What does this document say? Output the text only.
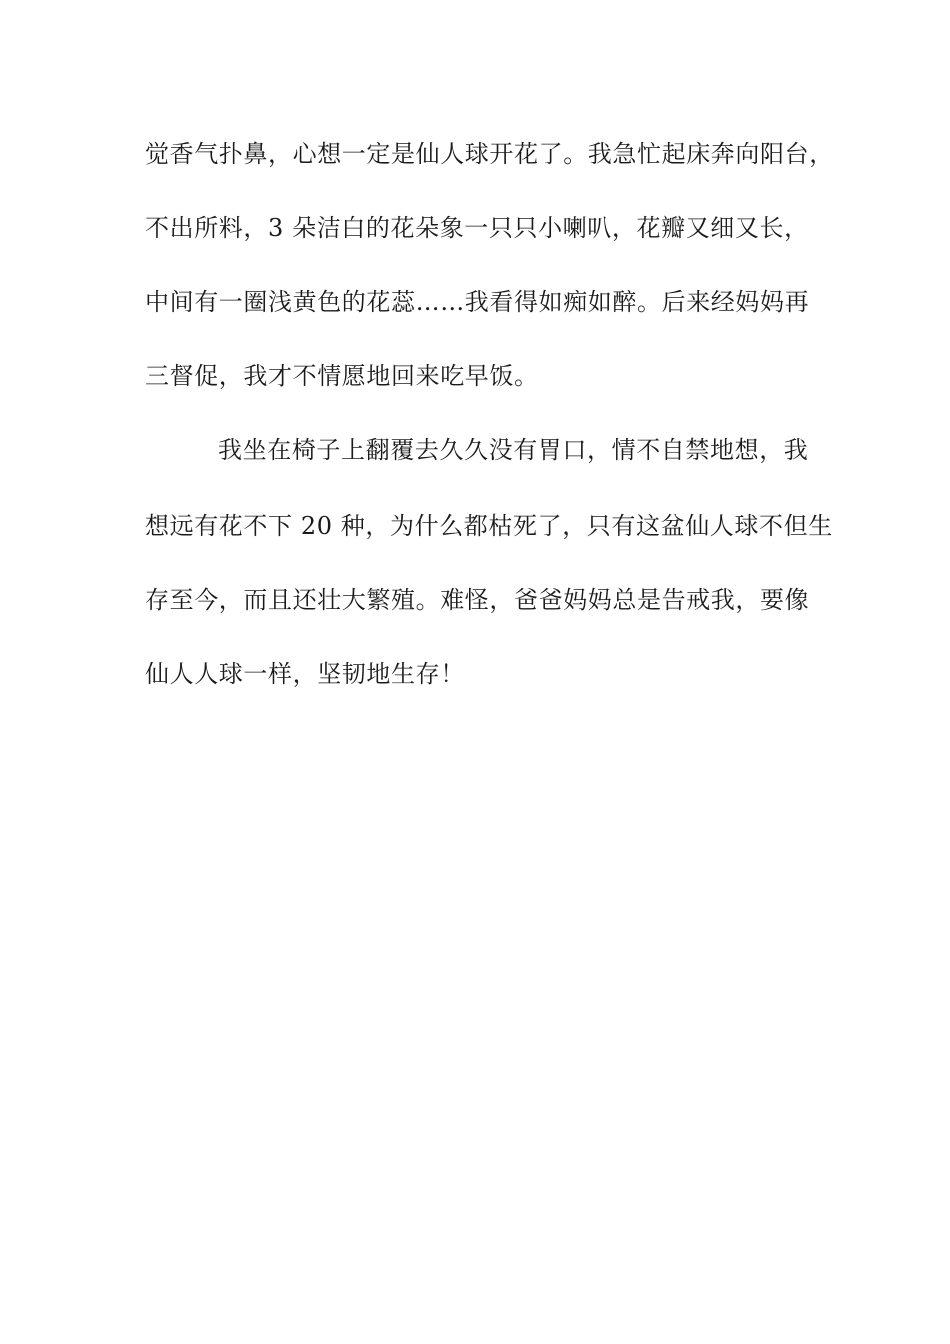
觉香气扑鼻，心想一定是仙人球开花了。我急忙起床奔向阳台，
不出所料，3 朵洁白的花朵象一只只小喇叭，花瓣又细又长，
中间有一圈浅黄色的花蕊……我看得如痴如醉。后来经妈妈再
三督促，我才不情愿地回来吃早饭。
我坐在椅子上翻覆去久久没有胃口，情不自禁地想，我
想远有花不下 20 种，为什么都枯死了，只有这盆仙人球不但生
存至今，而且还壮大繁殖。难怪，爸爸妈妈总是告戒我，要像
仙人人球一样，坚韧地生存！
